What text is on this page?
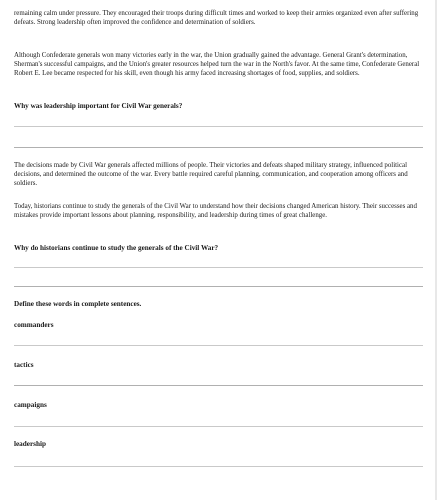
remaining calm under pressure. They encouraged their troops during difficult times and worked to keep their armies organized even after suffering defeats. Strong leadership often improved the confidence and determination of soldiers.

Although Confederate generals won many victories early in the war, the Union gradually gained the advantage. General Grant's determination, Sherman's successful campaigns, and the Union's greater resources helped turn the war in the North's favor. At the same time, Confederate General Robert E. Lee became respected for his skill, even though his army faced increasing shortages of food, supplies, and soldiers.

Why was leadership important for Civil War generals?

The decisions made by Civil War generals affected millions of people. Their victories and defeats shaped military strategy, influenced political decisions, and determined the outcome of the war. Every battle required careful planning, communication, and cooperation among officers and soldiers.

Today, historians continue to study the generals of the Civil War to understand how their decisions changed American history. Their successes and mistakes provide important lessons about planning, responsibility, and leadership during times of great challenge.

Why do historians continue to study the generals of the Civil War?

Define these words in complete sentences.

commanders

tactics

campaigns

leadership
